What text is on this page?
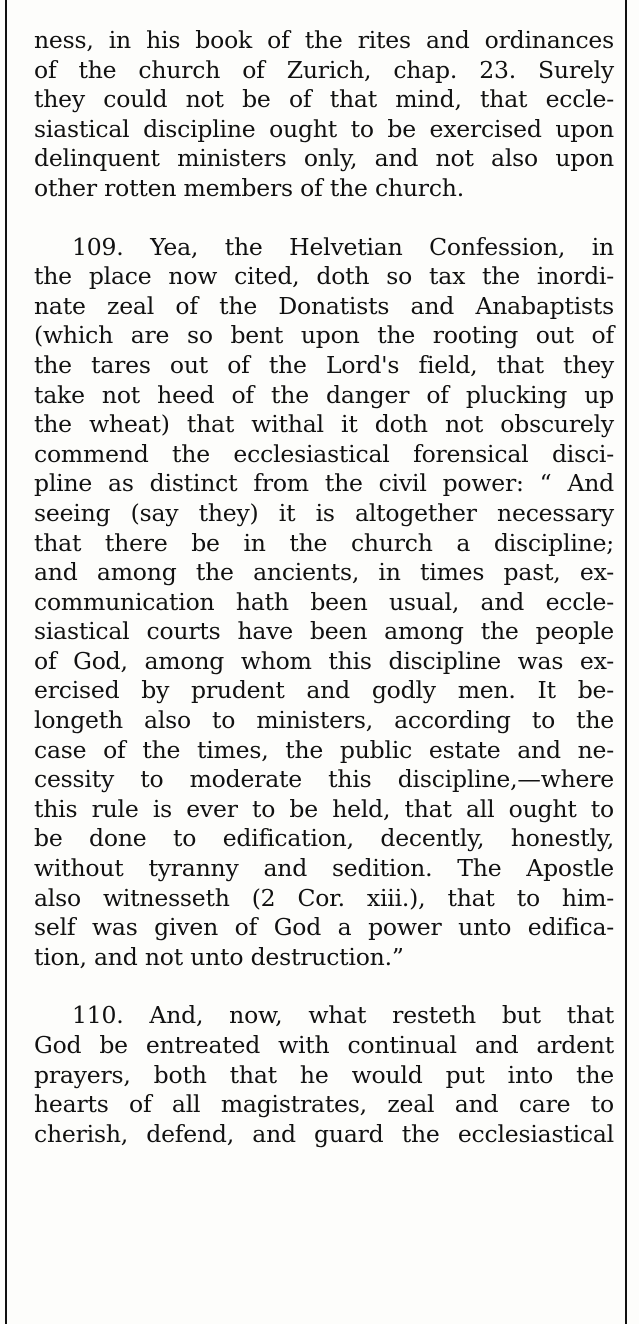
ness, in his book of the rites and ordinances
of the church of Zurich, chap. 23. Surely
they could not be of that mind, that eccle-
siastical discipline ought to be exercised upon
delinquent ministers only, and not also upon
other rotten members of the church.

109. Yea, the Helvetian Confession, in
the place now cited, doth so tax the inordi-
nate zeal of the Donatists and Anabaptists
(which are so bent upon the rooting out of
the tares out of the Lord's field, that they
take not heed of the danger of plucking up
the wheat) that withal it doth not obscurely
commend the ecclesiastical forensical disci-
pline as distinct from the civil power: “ And
seeing (say they) it is altogether necessary
that there be in the church a discipline;
and among the ancients, in times past, ex-
communication hath been usual, and eccle-
siastical courts have been among the people
of God, among whom this discipline was ex-
ercised by prudent and godly men. It be-
longeth also to ministers, according to the
case of the times, the public estate and ne-
cessity to moderate this discipline,—where
this rule is ever to be held, that all ought to
be done to edification, decently, honestly,
without tyranny and sedition. The Apostle
also witnesseth (2 Cor. xiii.), that to him-
self was given of God a power unto edifica-
tion, and not unto destruction.”

110. And, now, what resteth but that
God be entreated with continual and ardent
prayers, both that he would put into the
hearts of all magistrates, zeal and care to
cherish, defend, and guard the ecclesiastical
